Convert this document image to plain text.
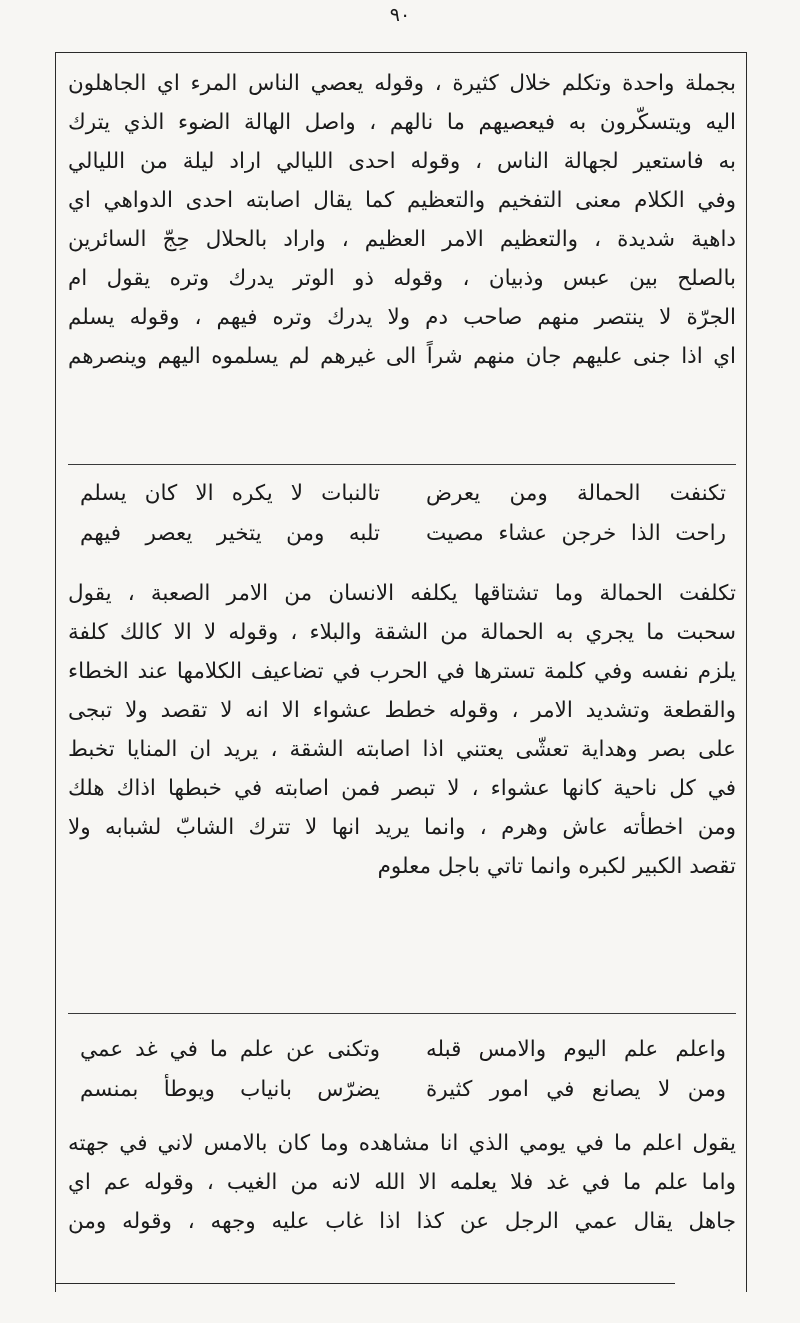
٩٠
بجملة واحدة وتكلم خلال كثيرة ، وقوله يعصي الناس المرء اي الجاهلون
اليه ويتسكّرون به فيعصيهم ما نالهم ، واصل الهالة الضوء الذي يترك
به فاستعير لجهالة الناس ، وقوله احدى الليالي اراد ليلة من الليالي
وفي الكلام معنى التفخيم والتعظيم كما يقال اصابته احدى الدواهي اي
داهية شديدة ، والتعظيم الامر العظيم ، واراد بالحلال حِجّ السائرين
بالصلح بين عبس وذبيان ، وقوله ذو الوتر يدرك وتره يقول ام
الجرّة لا ينتصر منهم صاحب دم ولا يدرك وتره فيهم ، وقوله يسلم
اي اذا جنى عليهم جان منهم شراً الى غيرهم لم يسلموه اليهم وينصرهم
تكنفت الحمالة ومن يعرض
تالنبات لا يكره الا كان يسلم
راحت الذا خرجن عشاء مصيت
تلبه ومن يتخير يعصر فيهم
تكلفت الحمالة وما تشتاقها يكلفه الانسان من الامر الصعبة ، يقول
سحبت ما يجري به الحمالة من الشقة والبلاء ، وقوله لا الا كالك كلفة
يلزم نفسه وفي كلمة تسترها في الحرب في تضاعيف الكلامها عند الخطاء
والقطعة وتشديد الامر ، وقوله خطط عشواء الا انه لا تقصد ولا تبجى
على بصر وهداية تعشّى يعتني اذا اصابته الشقة ، يريد ان المنايا تخبط
في كل ناحية كانها عشواء ، لا تبصر فمن اصابته في خبطها اذاك هلك
ومن اخطأته عاش وهرم ، وانما يريد انها لا تترك الشابّ لشبابه ولا
تقصد الكبير لكبره وانما تاتي باجل معلوم
واعلم علم اليوم والامس قبله
وتكنى عن علم ما في غد عمي
ومن لا يصانع في امور كثيرة
يضرّس بانياب ويوطأ بمنسم
يقول اعلم ما في يومي الذي انا مشاهده وما كان بالامس لاني في جهته
واما علم ما في غد فلا يعلمه الا الله لانه من الغيب ، وقوله عم اي
جاهل يقال عمي الرجل عن كذا اذا غاب عليه وجهه ، وقوله ومن
